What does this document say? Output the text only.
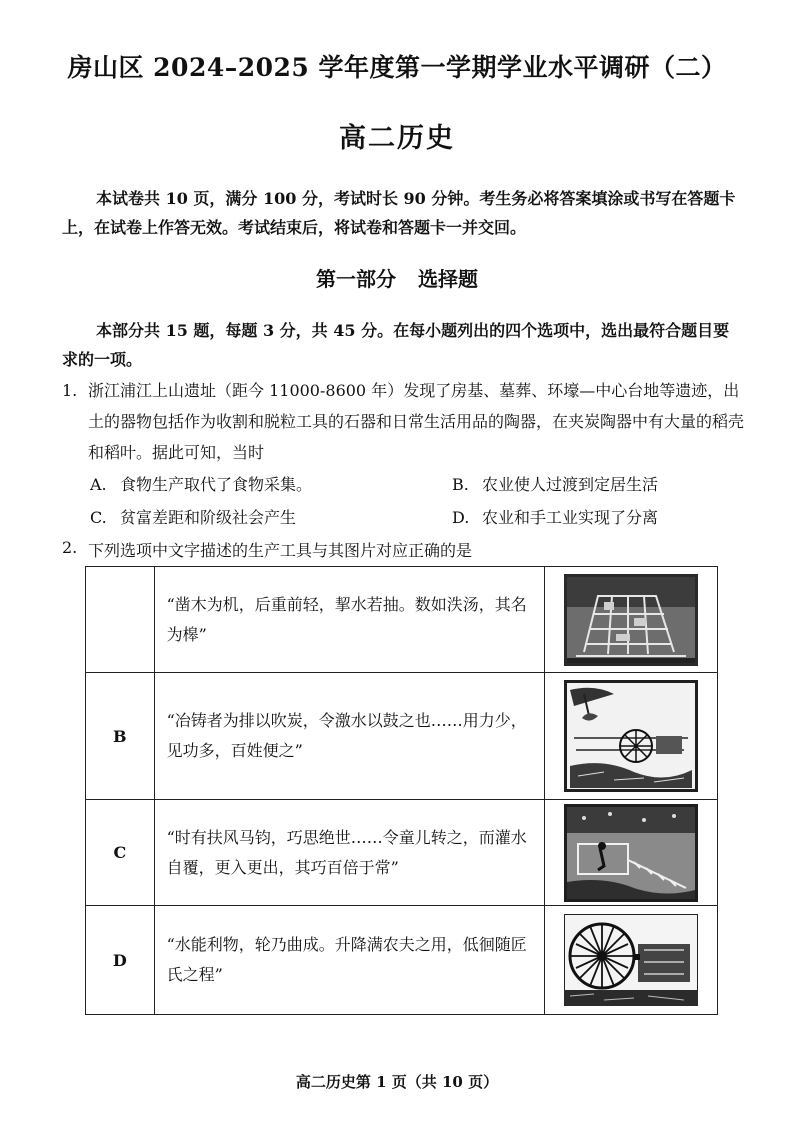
房山区 2024–2025 学年度第一学期学业水平调研（二）
高二历史
本试卷共 10 页，满分 100 分，考试时长 90 分钟。考生务必将答案填涂或书写在答题卡上，在试卷上作答无效。考试结束后，将试卷和答题卡一并交回。
第一部分 选择题
本部分共 15 题，每题 3 分，共 45 分。在每小题列出的四个选项中，选出最符合题目要求的一项。
1. 浙江浦江上山遗址（距今 11000-8600 年）发现了房基、墓葬、环壕—中心台地等遗迹，出土的器物包括作为收割和脱粒工具的石器和日常生活用品的陶器，在夹炭陶器中有大量的稻壳和稻叶。据此可知，当时
A. 食物生产取代了食物采集。	B. 农业使人过渡到定居生活
C. 贫富差距和阶级社会产生	D. 农业和手工业实现了分离
2. 下列选项中文字描述的生产工具与其图片对应正确的是
	“凿木为机，后重前轻，挈水若抽。数如泆汤，其名为槔”	

B	“冶铸者为排以吹炭，令激水以鼓之也……用力少，见功多，百姓便之”	

C	“时有扶风马钧，巧思绝世……令童儿转之，而灌水自覆，更入更出，其巧百倍于常”	

D	“水能利物，轮乃曲成。升降满农夫之用，低徊随匠氏之程”	
高二历史第 1 页（共 10 页）
